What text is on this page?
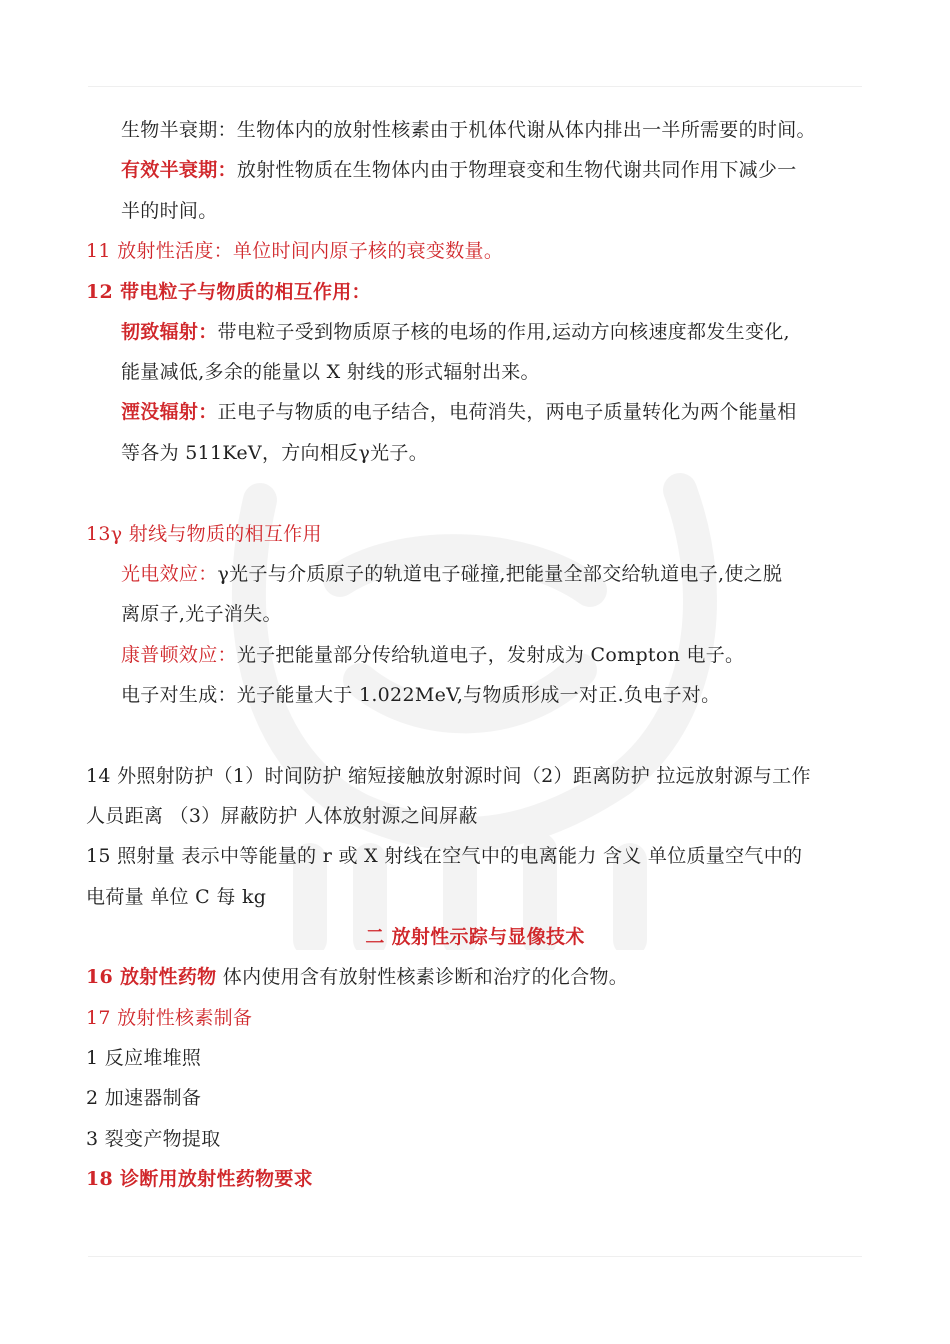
生物半衰期：生物体内的放射性核素由于机体代谢从体内排出一半所需要的时间。
有效半衰期：放射性物质在生物体内由于物理衰变和生物代谢共同作用下减少一
半的时间。
11 放射性活度：单位时间内原子核的衰变数量。
12 带电粒子与物质的相互作用：
韧致辐射：带电粒子受到物质原子核的电场的作用,运动方向核速度都发生变化,
能量减低,多余的能量以 X 射线的形式辐射出来。
湮没辐射：正电子与物质的电子结合，电荷消失，两电子质量转化为两个能量相
等各为 511KeV，方向相反γ光子。
13γ 射线与物质的相互作用
光电效应：γ光子与介质原子的轨道电子碰撞,把能量全部交给轨道电子,使之脱
离原子,光子消失。
康普顿效应：光子把能量部分传给轨道电子，发射成为 Compton 电子。
电子对生成：光子能量大于 1.022MeV,与物质形成一对正.负电子对。
14 外照射防护（1）时间防护 缩短接触放射源时间（2）距离防护 拉远放射源与工作
人员距离 （3）屏蔽防护 人体放射源之间屏蔽
15 照射量 表示中等能量的 r 或 X 射线在空气中的电离能力 含义 单位质量空气中的
电荷量 单位 C 每 kg
二 放射性示踪与显像技术
16 放射性药物 体内使用含有放射性核素诊断和治疗的化合物。
17 放射性核素制备
1 反应堆堆照
2 加速器制备
3 裂变产物提取
18 诊断用放射性药物要求
